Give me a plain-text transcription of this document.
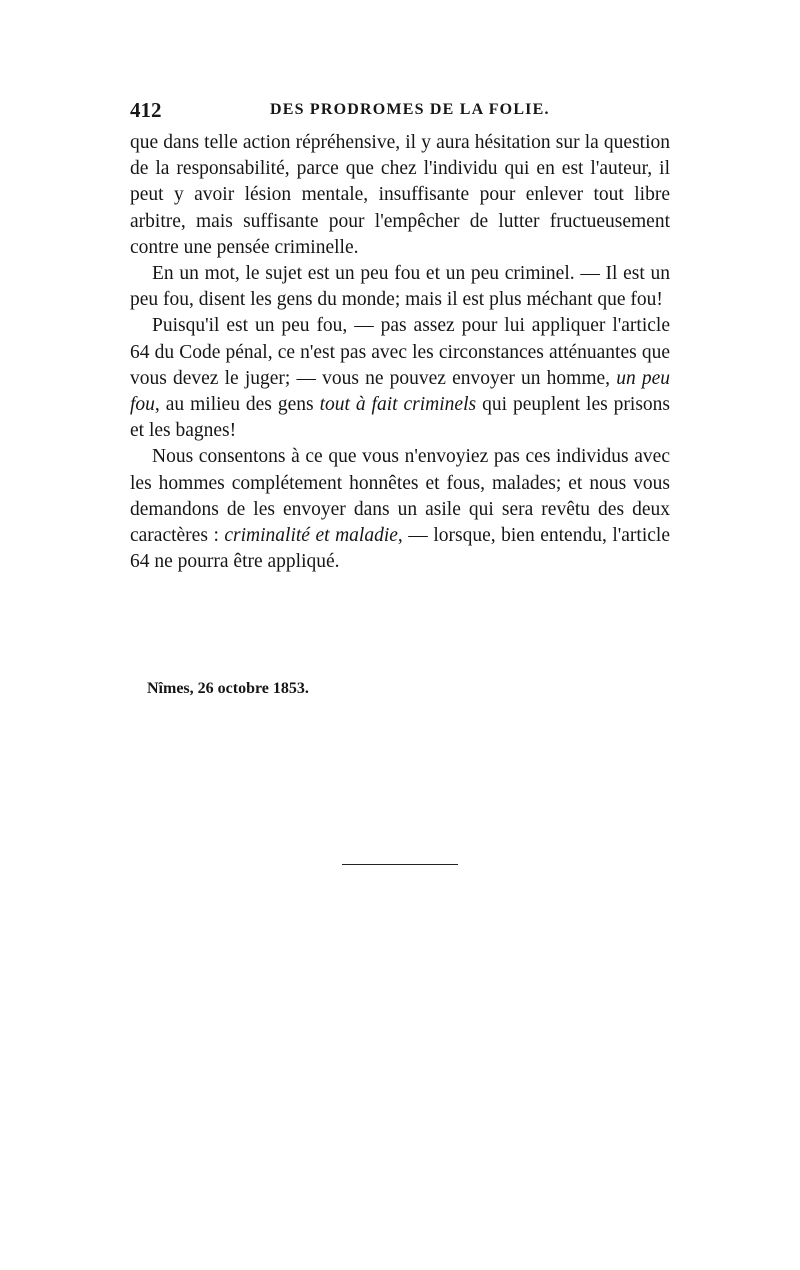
412	DES PRODROMES DE LA FOLIE.

que dans telle action répréhensive, il y aura hésitation sur la question de la responsabilité, parce que chez l'individu qui en est l'auteur, il peut y avoir lésion mentale, insuffisante pour enlever tout libre arbitre, mais suffisante pour l'empêcher de lutter fructueusement contre une pensée criminelle.

En un mot, le sujet est un peu fou et un peu criminel. — Il est un peu fou, disent les gens du monde; mais il est plus méchant que fou!

Puisqu'il est un peu fou, — pas assez pour lui appliquer l'article 64 du Code pénal, ce n'est pas avec les circonstances atténuantes que vous devez le juger; — vous ne pouvez envoyer un homme, un peu fou, au milieu des gens tout à fait criminels qui peuplent les prisons et les bagnes!

Nous consentons à ce que vous n'envoyiez pas ces individus avec les hommes complétement honnêtes et fous, malades; et nous vous demandons de les envoyer dans un asile qui sera revêtu des deux caractères : criminalité et maladie, — lorsque, bien entendu, l'article 64 ne pourra être appliqué.

Nîmes, 26 octobre 1853.
